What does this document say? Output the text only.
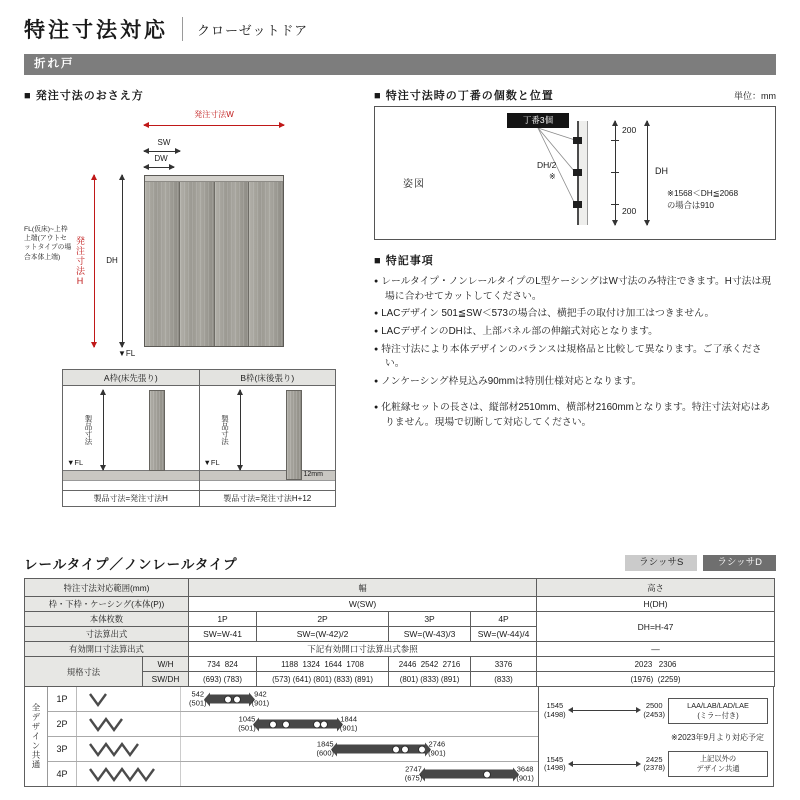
特注寸法対応 クローゼットドア
折れ戸
■ 発注寸法のおさえ方
発注寸法W
SW
DW
発注寸法H
FL(仮床)~上枠上端(アウトセットタイプの場合本体上端)	DH
▼FL
A枠(床先張り)
製品寸法
▼FL
製品寸法=発注寸法H
B枠(床後張り)
製品寸法
▼FL
12mm
製品寸法=発注寸法H+12
■ 特注寸法時の丁番の個数と位置	単位：mm
姿図
丁番3個
200
DH/2
※
200
DH
※1568＜DH≦2068
の場合は910
■ 特記事項
● レールタイプ・ノンレールタイプのL型ケーシングはW寸法のみ特注できます。H寸法は現場に合わせてカットしてください。
● LACデザイン 501≦SW＜573の場合は、横把手の取付け加工はつきません。
● LACデザインのDHは、上部パネル部の伸縮式対応となります。
● 特注寸法により本体デザインのバランスは規格品と比較して異なります。ご了承ください。
● ノンケーシング枠見込み90mmは特別仕様対応となります。
● 化粧縁セットの長さは、縦部材2510mm、横部材2160mmとなります。特注寸法対応はありません。現場で切断して対応してください。
レールタイプ／ノンレールタイプ	ラシッサS	ラシッサD
特注寸法対応範囲(mm)		幅				高さ
枠・下枠・ケーシング(本体(P))		W(SW)				H(DH)
本体枚数		1P	2P	3P	4P	DH=H-47
寸法算出式		SW=W-41	SW=(W-42)/2	SW=(W-43)/3	SW=(W-44)/4	
有効開口寸法算出式		下記有効開口寸法算出式参照				—
規格寸法	W/H	734  824	1188  1324  1644  1708	2446  2542  2716	3376	2023   2306
	SW/DH	(693) (783)	(573) (641) (801) (833) (891)	(801) (833) (891)	(833)	(1976)  (2259)
全デザイン共通
1P
542
(501)
942
(901)
2P
1045
(501)
1844
(901)
3P
1845
(600)
2746
(901)
4P
2747
(675)
3648
(901)
1545
(1498)
2500
(2453)
LAA/LAB/LAD/LAE
(ミラー付き)
※2023年9月より対応予定
1545
(1498)
2425
(2378)
上記以外の
デザイン共通
